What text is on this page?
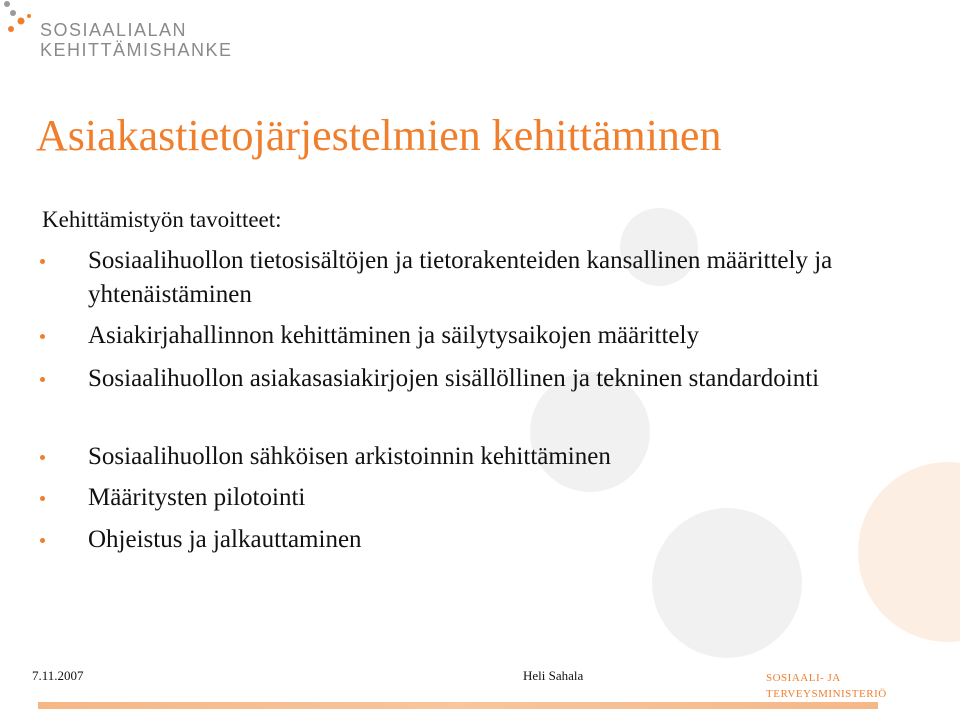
SOSIAALIALAN
KEHITTÄMISHANKE
Asiakastietojärjestelmien kehittäminen
Kehittämistyön tavoitteet:
Sosiaalihuollon tietosisältöjen ja tietorakenteiden kansallinen määrittely ja yhtenäistäminen
Asiakirjahallinnon kehittäminen ja säilytysaikojen määrittely
Sosiaalihuollon asiakasasiakirjojen sisällöllinen ja tekninen standardointi
Sosiaalihuollon sähköisen arkistoinnin kehittäminen
Määritysten pilotointi
Ohjeistus ja jalkauttaminen
7.11.2007	Heli Sahala	SOSIAALI- JA
TERVEYSMINISTERIÖ
